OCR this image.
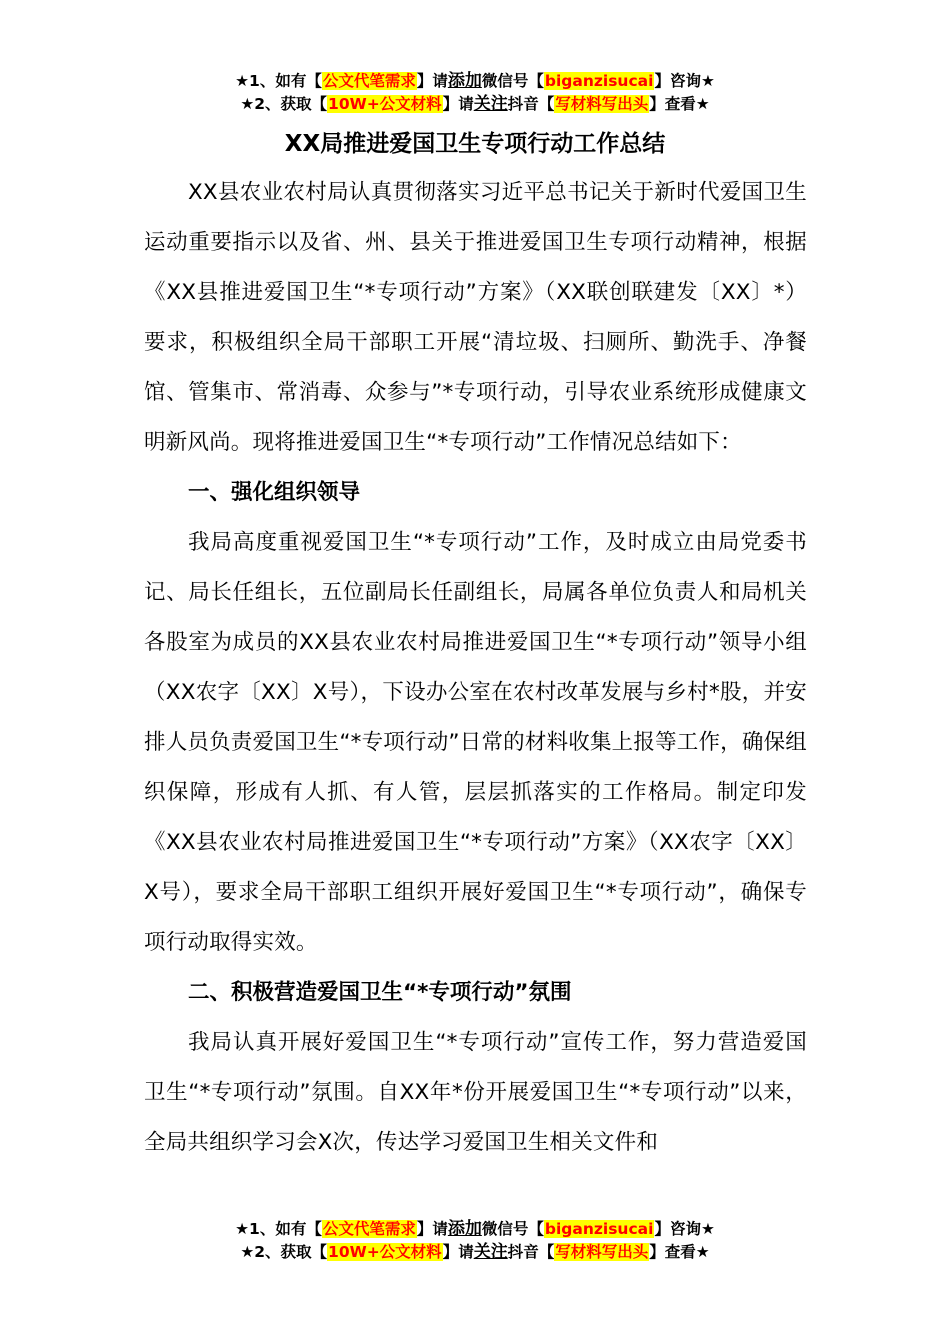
★1、如有【公文代笔需求】请添加微信号【biganzisucai】咨询★
★2、获取【10W+公文材料】请关注抖音【写材料写出头】查看★
XX局推进爱国卫生专项行动工作总结

XX县农业农村局认真贯彻落实习近平总书记关于新时代爱国卫生运动重要指示以及省、州、县关于推进爱国卫生专项行动精神，根据《XX县推进爱国卫生“*专项行动”方案》（XX联创联建发〔XX〕*）要求，积极组织全局干部职工开展“清垃圾、扫厕所、勤洗手、净餐馆、管集市、常消毒、众参与”*专项行动，引导农业系统形成健康文明新风尚。现将推进爱国卫生“*专项行动”工作情况总结如下：

一、强化组织领导

我局高度重视爱国卫生“*专项行动”工作，及时成立由局党委书记、局长任组长，五位副局长任副组长，局属各单位负责人和局机关各股室为成员的XX县农业农村局推进爱国卫生“*专项行动”领导小组（XX农字〔XX〕X号），下设办公室在农村改革发展与乡村*股，并安排人员负责爱国卫生“*专项行动”日常的材料收集上报等工作，确保组织保障，形成有人抓、有人管，层层抓落实的工作格局。制定印发《XX县农业农村局推进爱国卫生“*专项行动”方案》（XX农字〔XX〕X号），要求全局干部职工组织开展好爱国卫生“*专项行动”，确保专项行动取得实效。

二、积极营造爱国卫生“*专项行动”氛围

我局认真开展好爱国卫生“*专项行动”宣传工作，努力营造爱国卫生“*专项行动”氛围。自XX年*份开展爱国卫生“*专项行动”以来，全局共组织学习会X次，传达学习爱国卫生相关文件和

★1、如有【公文代笔需求】请添加微信号【biganzisucai】咨询★
★2、获取【10W+公文材料】请关注抖音【写材料写出头】查看★
